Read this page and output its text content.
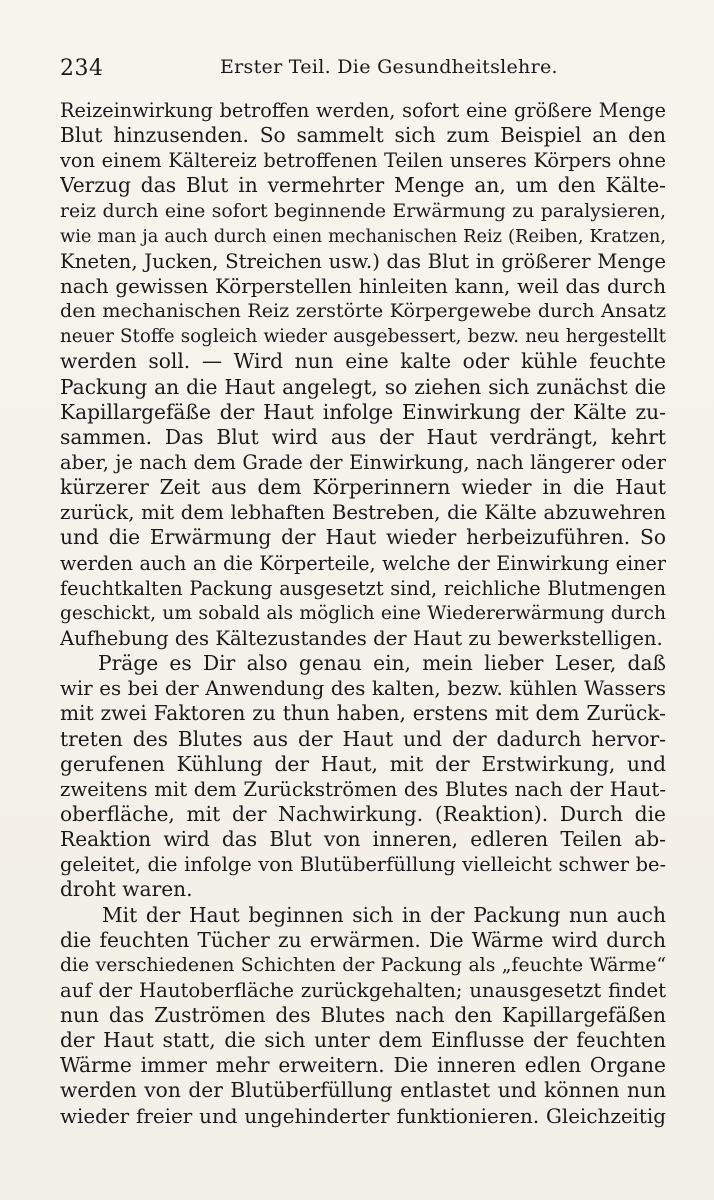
234	Erster Teil. Die Gesundheitslehre.
Reizeinwirkung betroffen werden, sofort eine größere Menge
Blut hinzusenden. So sammelt sich zum Beispiel an den
von einem Kältereiz betroffenen Teilen unseres Körpers ohne
Verzug das Blut in vermehrter Menge an, um den Kälte-
reiz durch eine sofort beginnende Erwärmung zu paralysieren,
wie man ja auch durch einen mechanischen Reiz (Reiben, Kratzen,
Kneten, Jucken, Streichen usw.) das Blut in größerer Menge
nach gewissen Körperstellen hinleiten kann, weil das durch
den mechanischen Reiz zerstörte Körpergewebe durch Ansatz
neuer Stoffe sogleich wieder ausgebessert, bezw. neu hergestellt
werden soll. — Wird nun eine kalte oder kühle feuchte
Packung an die Haut angelegt, so ziehen sich zunächst die
Kapillargefäße der Haut infolge Einwirkung der Kälte zu-
sammen. Das Blut wird aus der Haut verdrängt, kehrt
aber, je nach dem Grade der Einwirkung, nach längerer oder
kürzerer Zeit aus dem Körperinnern wieder in die Haut
zurück, mit dem lebhaften Bestreben, die Kälte abzuwehren
und die Erwärmung der Haut wieder herbeizuführen. So
werden auch an die Körperteile, welche der Einwirkung einer
feuchtkalten Packung ausgesetzt sind, reichliche Blutmengen
geschickt, um sobald als möglich eine Wiedererwärmung durch
Aufhebung des Kältezustandes der Haut zu bewerkstelligen.
Präge es Dir also genau ein, mein lieber Leser, daß
wir es bei der Anwendung des kalten, bezw. kühlen Wassers
mit zwei Faktoren zu thun haben, erstens mit dem Zurück-
treten des Blutes aus der Haut und der dadurch hervor-
gerufenen Kühlung der Haut, mit der Erstwirkung, und
zweitens mit dem Zurückströmen des Blutes nach der Haut-
oberfläche, mit der Nachwirkung. (Reaktion). Durch die
Reaktion wird das Blut von inneren, edleren Teilen ab-
geleitet, die infolge von Blutüberfüllung vielleicht schwer be-
droht waren.
Mit der Haut beginnen sich in der Packung nun auch
die feuchten Tücher zu erwärmen. Die Wärme wird durch
die verschiedenen Schichten der Packung als „feuchte Wärme“
auf der Hautoberfläche zurückgehalten; unausgesetzt findet
nun das Zuströmen des Blutes nach den Kapillargefäßen
der Haut statt, die sich unter dem Einflusse der feuchten
Wärme immer mehr erweitern. Die inneren edlen Organe
werden von der Blutüberfüllung entlastet und können nun
wieder freier und ungehinderter funktionieren. Gleichzeitig
